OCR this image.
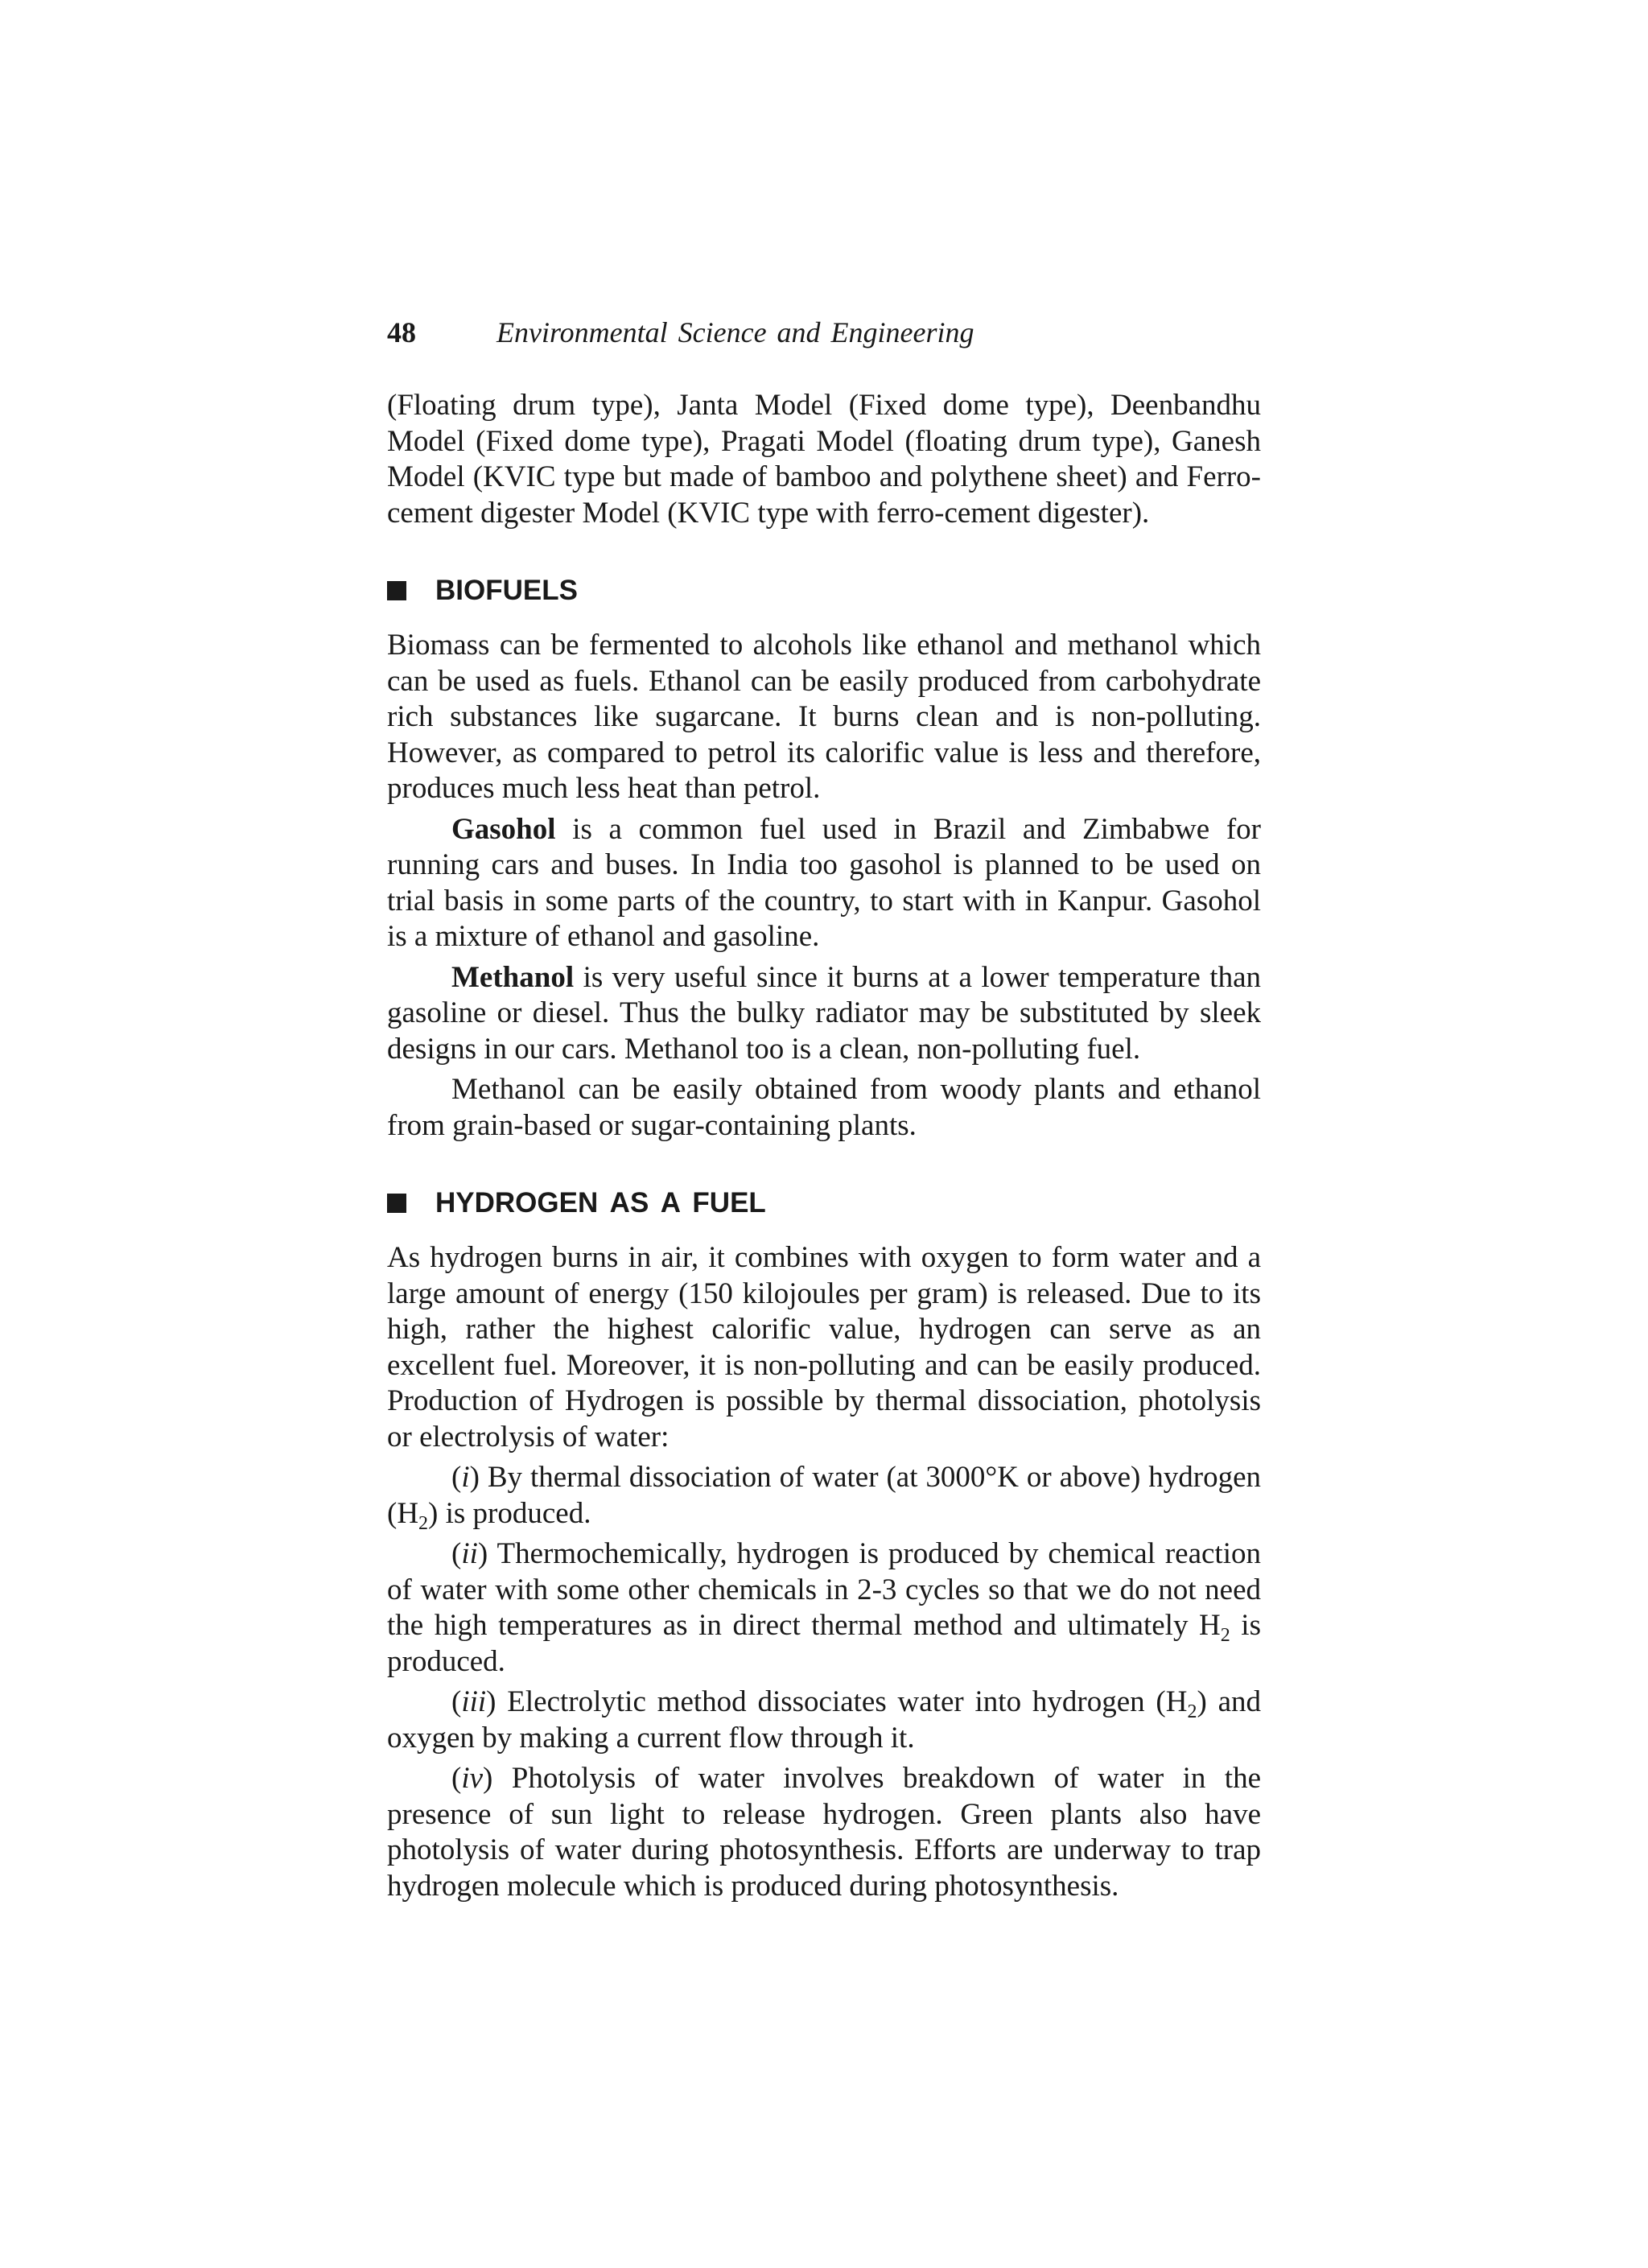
48	Environmental Science and Engineering

(Floating drum type), Janta Model (Fixed dome type), Deenbandhu Model (Fixed dome type), Pragati Model (floating drum type), Ganesh Model (KVIC type but made of bamboo and polythene sheet) and Ferro-cement digester Model (KVIC type with ferro-cement digester).

BIOFUELS

Biomass can be fermented to alcohols like ethanol and methanol which can be used as fuels. Ethanol can be easily produced from carbohydrate rich substances like sugarcane. It burns clean and is non-polluting. However, as compared to petrol its calorific value is less and therefore, produces much less heat than petrol.

Gasohol is a common fuel used in Brazil and Zimbabwe for running cars and buses. In India too gasohol is planned to be used on trial basis in some parts of the country, to start with in Kanpur. Gasohol is a mixture of ethanol and gasoline.

Methanol is very useful since it burns at a lower temperature than gasoline or diesel. Thus the bulky radiator may be substituted by sleek designs in our cars. Methanol too is a clean, non-polluting fuel.

Methanol can be easily obtained from woody plants and ethanol from grain-based or sugar-containing plants.

HYDROGEN AS A FUEL

As hydrogen burns in air, it combines with oxygen to form water and a large amount of energy (150 kilojoules per gram) is released. Due to its high, rather the highest calorific value, hydrogen can serve as an excellent fuel. Moreover, it is non-polluting and can be easily produced. Production of Hydrogen is possible by thermal dissociation, photolysis or electrolysis of water:

(i) By thermal dissociation of water (at 3000°K or above) hydrogen $(H_2)$ is produced.

(ii) Thermochemically, hydrogen is produced by chemical reaction of water with some other chemicals in 2-3 cycles so that we do not need the high temperatures as in direct thermal method and ultimately $H_2$ is produced.

(iii) Electrolytic method dissociates water into hydrogen $(H_2)$ and oxygen by making a current flow through it.

(iv) Photolysis of water involves breakdown of water in the presence of sun light to release hydrogen. Green plants also have photolysis of water during photosynthesis. Efforts are underway to trap hydrogen molecule which is produced during photosynthesis.
